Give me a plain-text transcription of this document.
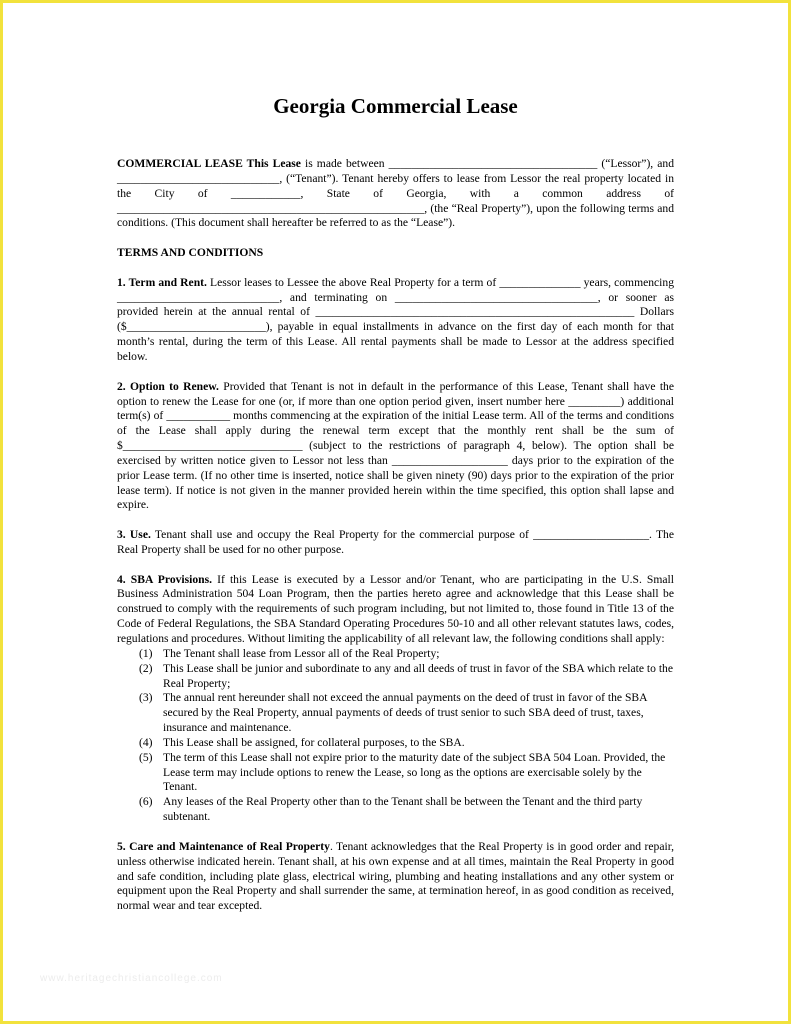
Georgia Commercial Lease

COMMERCIAL LEASE This Lease is made between ____________________________________ (“Lessor”), and ____________________________, (“Tenant”). Tenant hereby offers to lease from Lessor the real property located in the City of ____________, State of Georgia, with a common address of _____________________________________________________, (the “Real Property”), upon the following terms and conditions. (This document shall hereafter be referred to as the “Lease”).

TERMS AND CONDITIONS

1. Term and Rent. Lessor leases to Lessee the above Real Property for a term of ______________ years, commencing ____________________________, and terminating on ___________________________________, or sooner as provided herein at the annual rental of _______________________________________________________ Dollars ($________________________), payable in equal installments in advance on the first day of each month for that month’s rental, during the term of this Lease. All rental payments shall be made to Lessor at the address specified below.

2. Option to Renew. Provided that Tenant is not in default in the performance of this Lease, Tenant shall have the option to renew the Lease for one (or, if more than one option period given, insert number here _________) additional term(s) of ___________ months commencing at the expiration of the initial Lease term. All of the terms and conditions of the Lease shall apply during the renewal term except that the monthly rent shall be the sum of $_______________________________ (subject to the restrictions of paragraph 4, below). The option shall be exercised by written notice given to Lessor not less than ____________________ days prior to the expiration of the prior Lease term. (If no other time is inserted, notice shall be given ninety (90) days prior to the expiration of the prior lease term). If notice is not given in the manner provided herein within the time specified, this option shall lapse and expire.

3. Use. Tenant shall use and occupy the Real Property for the commercial purpose of ____________________. The Real Property shall be used for no other purpose.

4. SBA Provisions. If this Lease is executed by a Lessor and/or Tenant, who are participating in the U.S. Small Business Administration 504 Loan Program, then the parties hereto agree and acknowledge that this Lease shall be construed to comply with the requirements of such program including, but not limited to, those found in Title 13 of the Code of Federal Regulations, the SBA Standard Operating Procedures 50-10 and all other relevant statutes laws, codes, regulations and procedures. Without limiting the applicability of all relevant law, the following conditions shall apply:

(1) The Tenant shall lease from Lessor all of the Real Property;
(2) This Lease shall be junior and subordinate to any and all deeds of trust in favor of the SBA which relate to the Real Property;
(3) The annual rent hereunder shall not exceed the annual payments on the deed of trust in favor of the SBA secured by the Real Property, annual payments of deeds of trust senior to such SBA deed of trust, taxes, insurance and maintenance.
(4) This Lease shall be assigned, for collateral purposes, to the SBA.
(5) The term of this Lease shall not expire prior to the maturity date of the subject SBA 504 Loan. Provided, the Lease term may include options to renew the Lease, so long as the options are exercisable solely by the Tenant.
(6) Any leases of the Real Property other than to the Tenant shall be between the Tenant and the third party subtenant.

5. Care and Maintenance of Real Property. Tenant acknowledges that the Real Property is in good order and repair, unless otherwise indicated herein. Tenant shall, at his own expense and at all times, maintain the Real Property in good and safe condition, including plate glass, electrical wiring, plumbing and heating installations and any other system or equipment upon the Real Property and shall surrender the same, at termination hereof, in as good condition as received, normal wear and tear excepted.

www.heritagechristiancollege.com
